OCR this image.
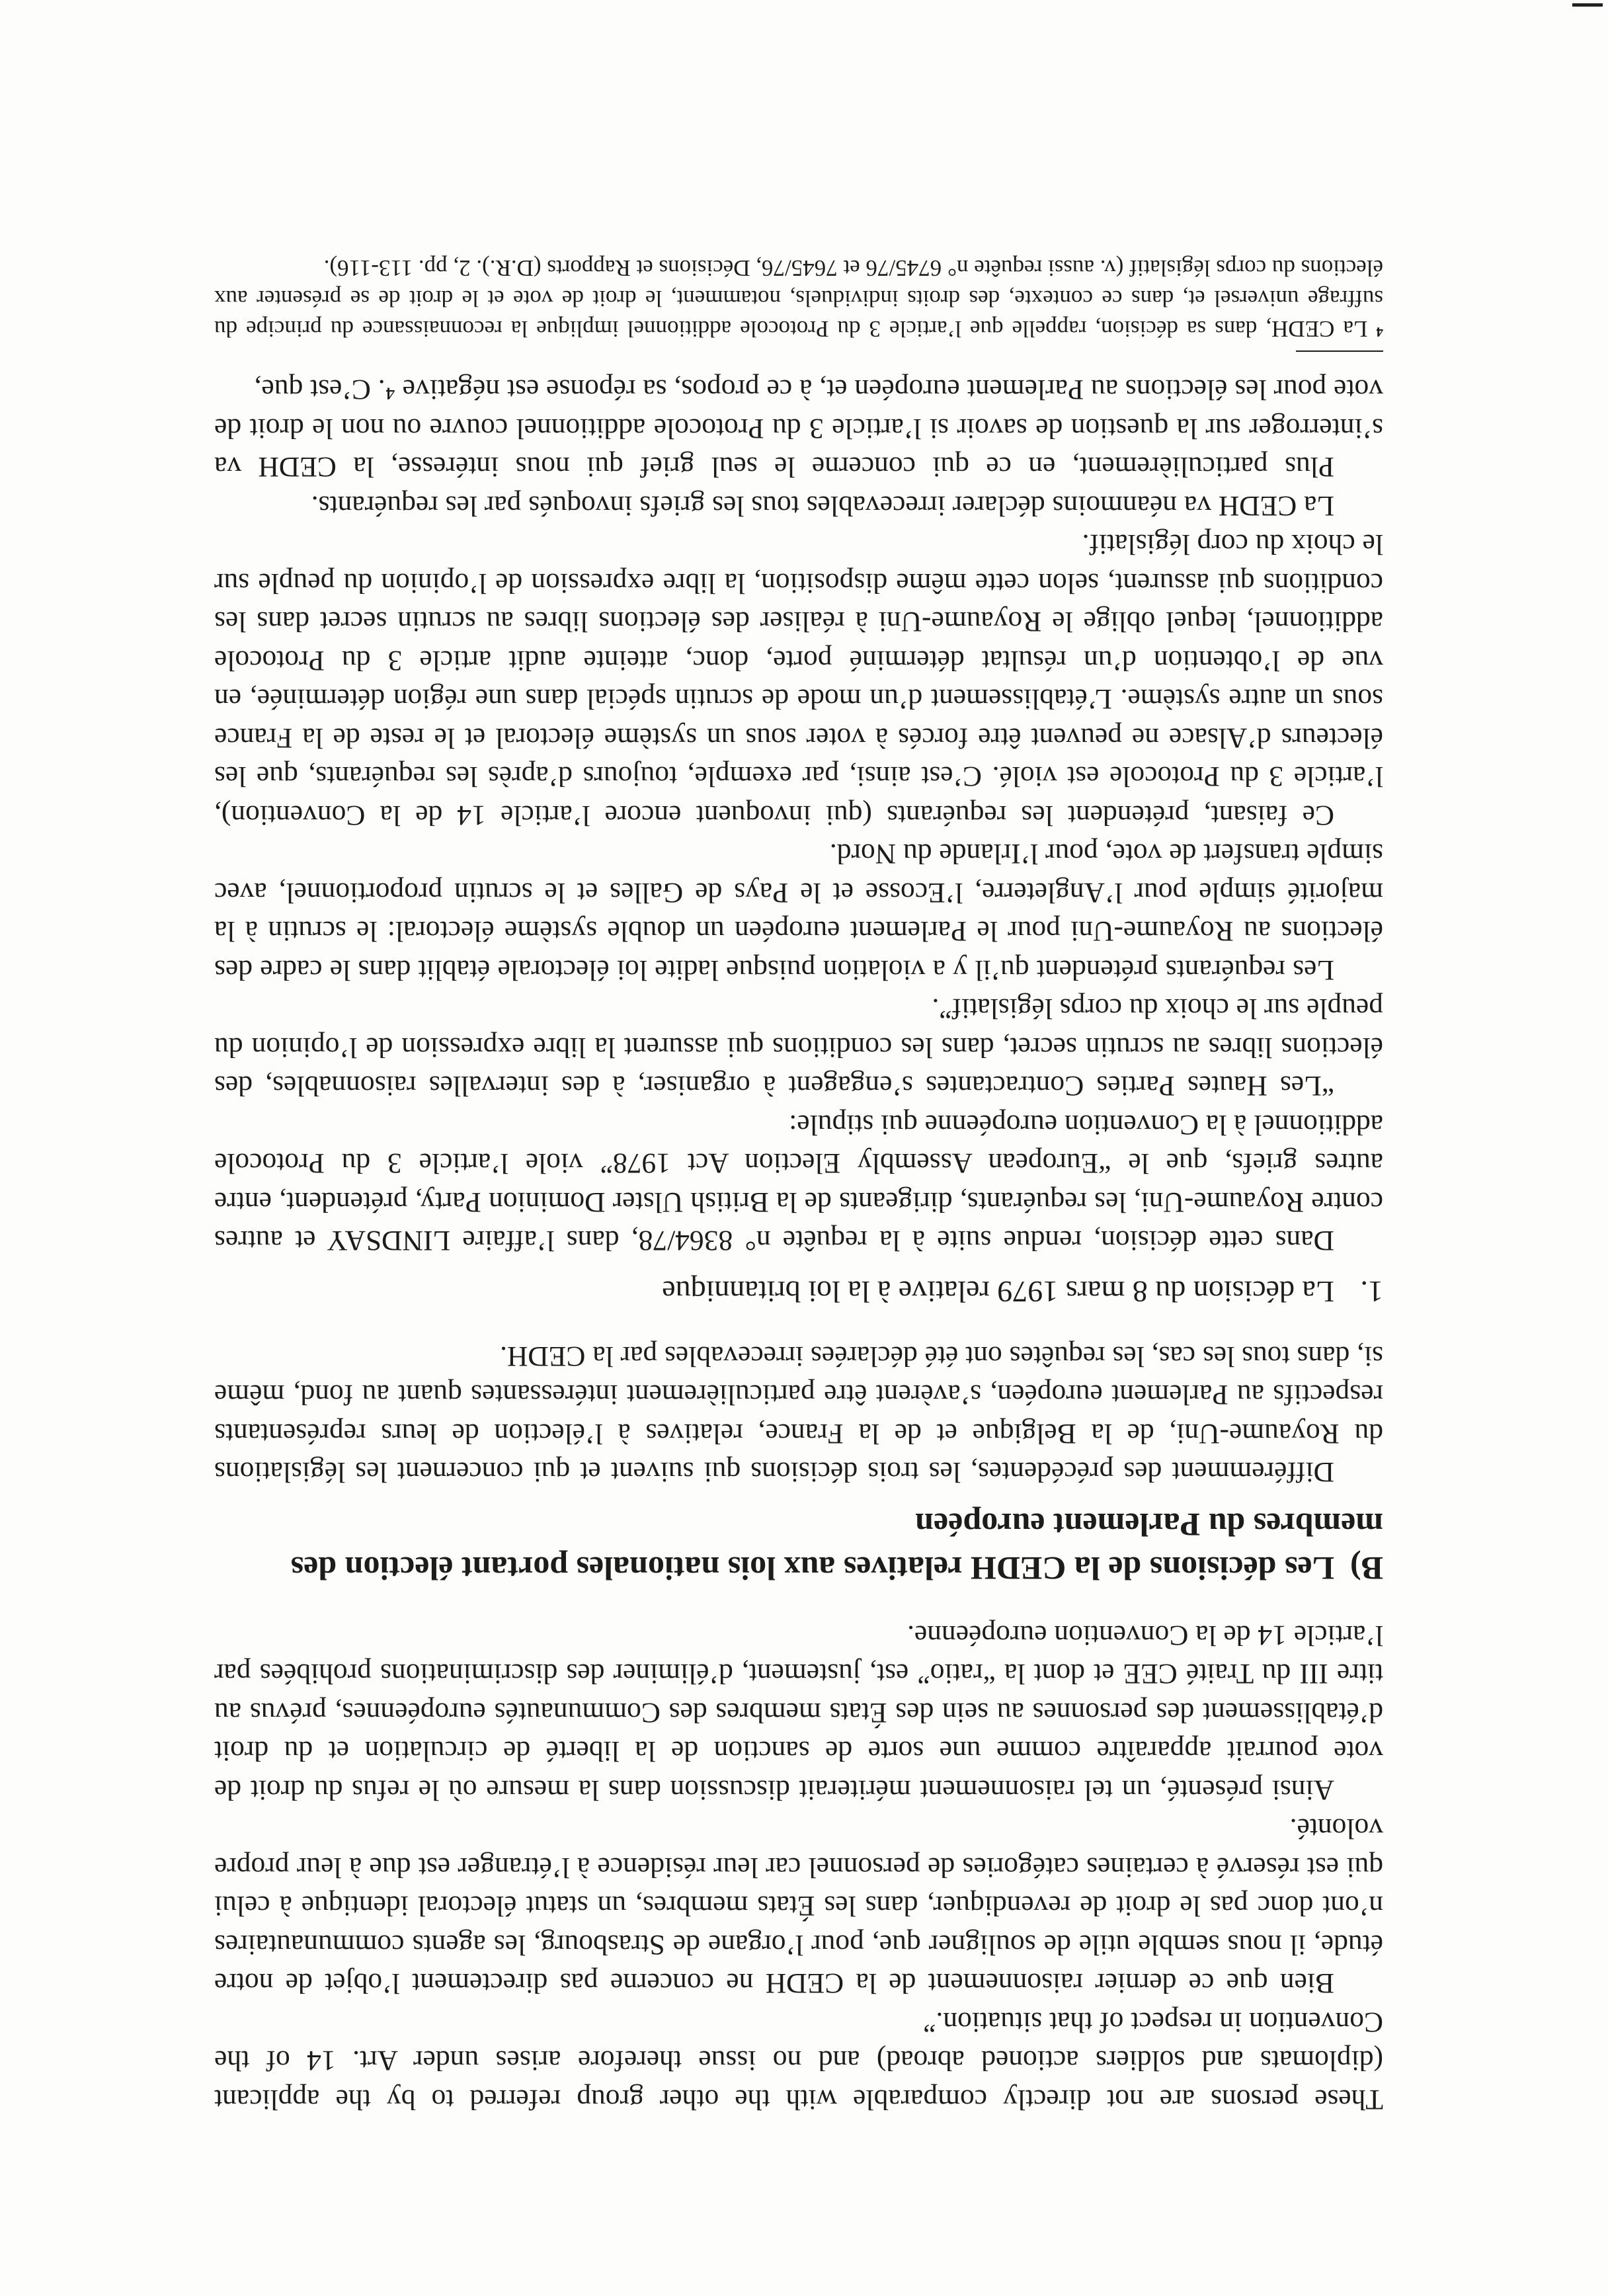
These persons are not directly comparable with the other group referred to by the applicant (diplomats and soldiers actioned abroad) and no issue therefore arises under Art. 14 of the Convention in respect of that situation.”

Bien que ce dernier raisonnement de la CEDH ne concerne pas directement l’objet de notre étude, il nous semble utile de souligner que, pour l’organe de Strasbourg, les agents communautaires n’ont donc pas le droit de revendiquer, dans les États membres, un statut électoral identique à celui qui est réservé à certaines catégories de personnel car leur résidence à l’étranger est due à leur propre volonté.

Ainsi présenté, un tel raisonnement mériterait discussion dans la mesure où le refus du droit de vote pourrait apparaître comme une sorte de sanction de la liberté de circulation et du droit d’établissement des personnes au sein des États membres des Communautés européennes, prévus au titre III du Traité CEE et dont la “ratio” est, justement, d’éliminer des discriminations prohibées par l’article 14 de la Convention européenne.

B)Les décisions de la CEDH relatives aux lois nationales portant élection des membres du Parlement européen

Différemment des précédentes, les trois décisions qui suivent et qui concernent les législations du Royaume-Uni, de la Belgique et de la France, relatives à l’élection de leurs représentants respectifs au Parlement européen, s’avèrent être particulièrement intéressantes quant au fond, même si, dans tous les cas, les requêtes ont été déclarées irrecevables par la CEDH.

1.La décision du 8 mars 1979 relative à la loi britannique

Dans cette décision, rendue suite à la requête n° 8364/78, dans l’affaire LINDSAY et autres contre Royaume-Uni, les requérants, dirigeants de la British Ulster Dominion Party, prétendent, entre autres griefs, que le “European Assembly Election Act 1978” viole l’article 3 du Protocole additionnel à la Convention européenne qui stipule:

“Les Hautes Parties Contractantes s’engagent à organiser, à des intervalles raisonnables, des élections libres au scrutin secret, dans les conditions qui assurent la libre expression de l’opinion du peuple sur le choix du corps législatif”.

Les requérants prétendent qu’il y a violation puisque ladite loi électorale établit dans le cadre des élections au Royaume-Uni pour le Parlement européen un double système électoral: le scrutin à la majorité simple pour l’Angleterre, l’Ecosse et le Pays de Galles et le scrutin proportionnel, avec simple transfert de vote, pour l’Irlande du Nord.

Ce faisant, prétendent les requérants (qui invoquent encore l’article 14 de la Convention), l’article 3 du Protocole est violé. C’est ainsi, par exemple, toujours d’après les requérants, que les électeurs d’Alsace ne peuvent être forcés à voter sous un système électoral et le reste de la France sous un autre système. L’établissement d’un mode de scrutin spécial dans une région déterminée, en vue de l’obtention d’un résultat déterminé porte, donc, atteinte audit article 3 du Protocole additionnel, lequel oblige le Royaume-Uni à réaliser des élections libres au scrutin secret dans les conditions qui assurent, selon cette même disposition, la libre expression de l’opinion du peuple sur le choix du corp législatif.

La CEDH va néanmoins déclarer irrecevables tous les griefs invoqués par les requérants.

Plus particulièrement, en ce qui concerne le seul grief qui nous intéresse, la CEDH va s’interroger sur la question de savoir si l’article 3 du Protocole additionnel couvre ou non le droit de vote pour les élections au Parlement européen et, à ce propos, sa réponse est négative ⁴. C’est que,

⁴ La CEDH, dans sa décision, rappelle que l’article 3 du Protocole additionnel implique la reconnaissance du principe du suffrage universel et, dans ce contexte, des droits individuels, notamment, le droit de vote et le droit de se présenter aux élections du corps législatif (v. aussi requête n° 6745/76 et 7645/76, Décisions et Rapports (D.R.). 2, pp. 113-116).
